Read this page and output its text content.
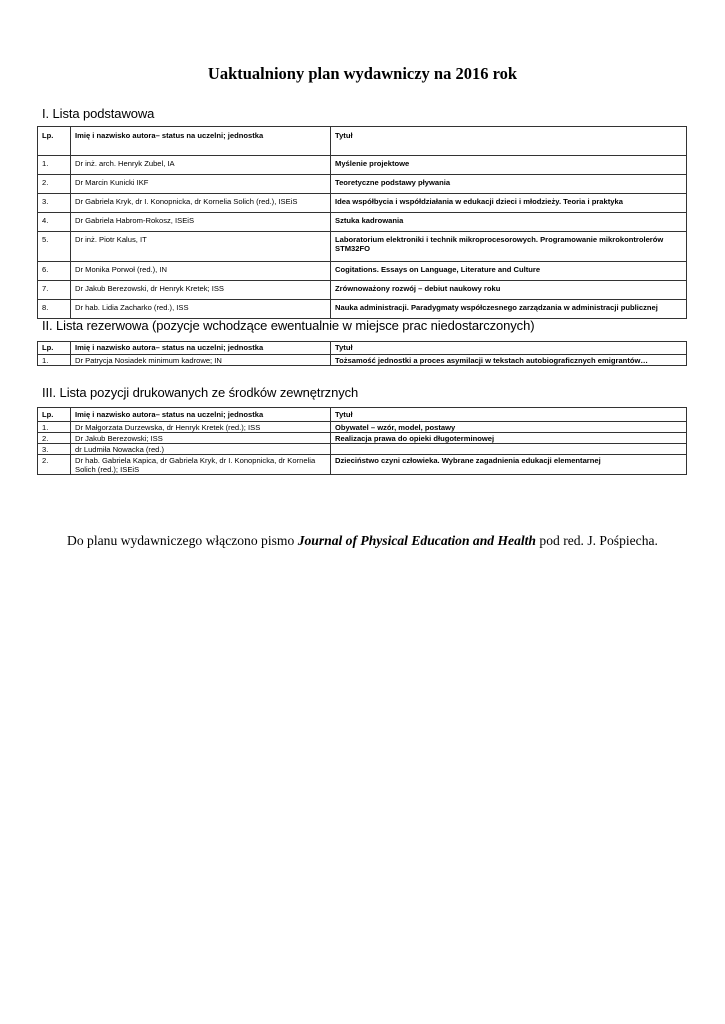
Uaktualniony plan wydawniczy na 2016 rok
I. Lista podstawowa
Lp.	Imię i nazwisko autora– status na uczelni; jednostka	Tytuł
1.	Dr inż. arch. Henryk Zubel, IA	Myślenie projektowe
2.	Dr Marcin Kunicki IKF	Teoretyczne podstawy pływania
3.	Dr Gabriela Kryk, dr I. Konopnicka, dr Kornelia Solich (red.), ISEiS	Idea współbycia i współdziałania w edukacji dzieci i młodzieży. Teoria i praktyka
4.	Dr Gabriela Habrom-Rokosz, ISEiS	Sztuka kadrowania
5.	Dr inż. Piotr Kalus, IT	Laboratorium elektroniki i technik mikroprocesorowych. Programowanie mikrokontrolerów STM32FO
6.	Dr Monika Porwoł (red.), IN	Cogitations. Essays on Language, Literature and Culture
7.	Dr Jakub Berezowski, dr Henryk Kretek; ISS	Zrównoważony rozwój – debiut naukowy roku
8.	Dr hab. Lidia Zacharko (red.), ISS	Nauka administracji. Paradygmaty współczesnego zarządzania w administracji publicznej
II. Lista rezerwowa (pozycje wchodzące ewentualnie w miejsce prac niedostarczonych)
Lp.	Imię i nazwisko autora– status na uczelni; jednostka	Tytuł
1.	Dr Patrycja Nosiadek minimum kadrowe; IN	Tożsamość jednostki a proces asymilacji w tekstach autobiograficznych emigrantów…
III. Lista pozycji drukowanych ze środków zewnętrznych
Lp.	Imię i nazwisko autora– status na uczelni; jednostka	Tytuł
1.	Dr Małgorzata Durzewska, dr Henryk Kretek (red.); ISS	Obywatel – wzór, model, postawy
2.	Dr Jakub Berezowski; ISS	Realizacja prawa do opieki długoterminowej
3.	dr Ludmiła Nowacka (red.)	
2.	Dr hab. Gabriela Kapica, dr Gabriela Kryk, dr I. Konopnicka, dr Kornelia Solich (red.); ISEiS	Dzieciństwo czyni człowieka. Wybrane zagadnienia edukacji elementarnej
Do planu wydawniczego włączono pismo Journal of Physical Education and Health pod red. J. Pośpiecha.
